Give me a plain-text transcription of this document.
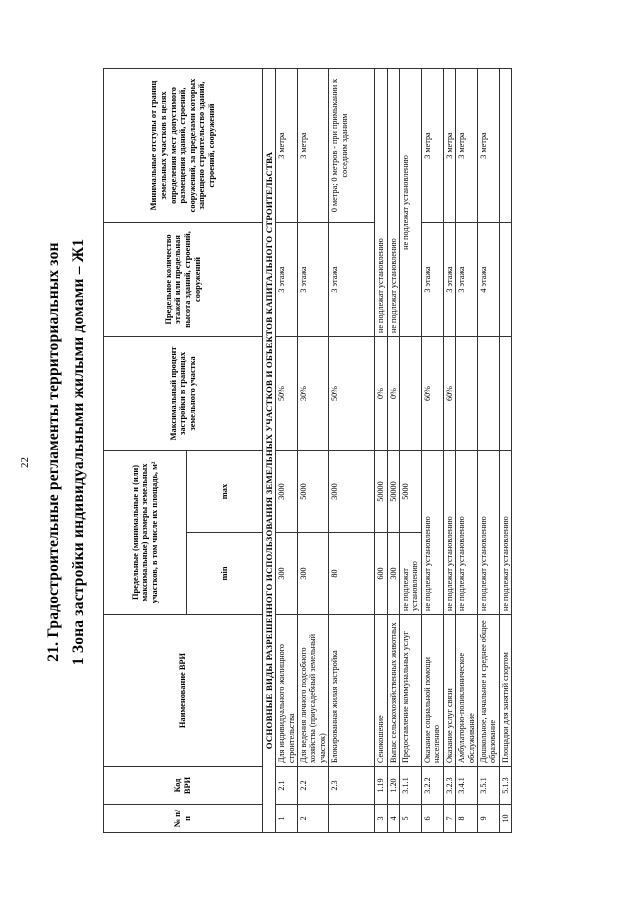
22 21. Градостроительные регламенты территориальных зон 1 Зона застройки индивидуальными жилыми домами – Ж1
№ п/п	Код ВРИ	Наименование ВРИ	Предельные (минимальные и (или) максимальные) размеры земельных участков, в том числе их площадь, м²		Максимальный процент застройки в границах земельного участка	Предельное количество этажей или предельная высота зданий, строений, сооружений	Минимальные отступы от границ земельных участков в целях определения мест допустимого размещения зданий, строений, сооружений, за пределами которых запрещено строительство зданий, строений, сооружений
			min	max			
ОСНОВНЫЕ ВИДЫ РАЗРЕШЕННОГО ИСПОЛЬЗОВАНИЯ ЗЕМЕЛЬНЫХ УЧАСТКОВ И ОБЪЕКТОВ КАПИТАЛЬНОГО СТРОИТЕЛЬСТВА							
1	2.1	Для индивидуального жилищного строительства	300	3000	50%	3 этажа	3 метра
2	2.2	Для ведения личного подсобного хозяйства (приусадебный земельный участок)	300	5000	30%	3 этажа	3 метра
	2.3	Блокированная жилая застройка	80	3000	50%	3 этажа	0 метра; 0 метров - при примыкании к соседним зданиям
3	1.19	Сенокошение	600	50000	0%	не подлежат установлению	
4	1.20	Выпас сельскохозяйственных животных	300	50000	0%	не подлежат установлению	
5	3.1.1	Предоставление коммунальных услуг	не подлежат установлению	5000		не подлежат установлению	
6	3.2.2	Оказание социальной помощи населению	не подлежат установлению		60%	3 этажа	3 метра
7	3.2.3	Оказание услуг связи	не подлежат установлению		60%	3 этажа	3 метра
8	3.4.1	Амбулаторно-поликлиническое обслуживание	не подлежат установлению			3 этажа	3 метра
9	3.5.1	Дошкольное, начальное и среднее общее образование	не подлежат установлению			4 этажа	3 метра
10	5.1.3	Площадки для занятий спортом	не подлежат установлению				
